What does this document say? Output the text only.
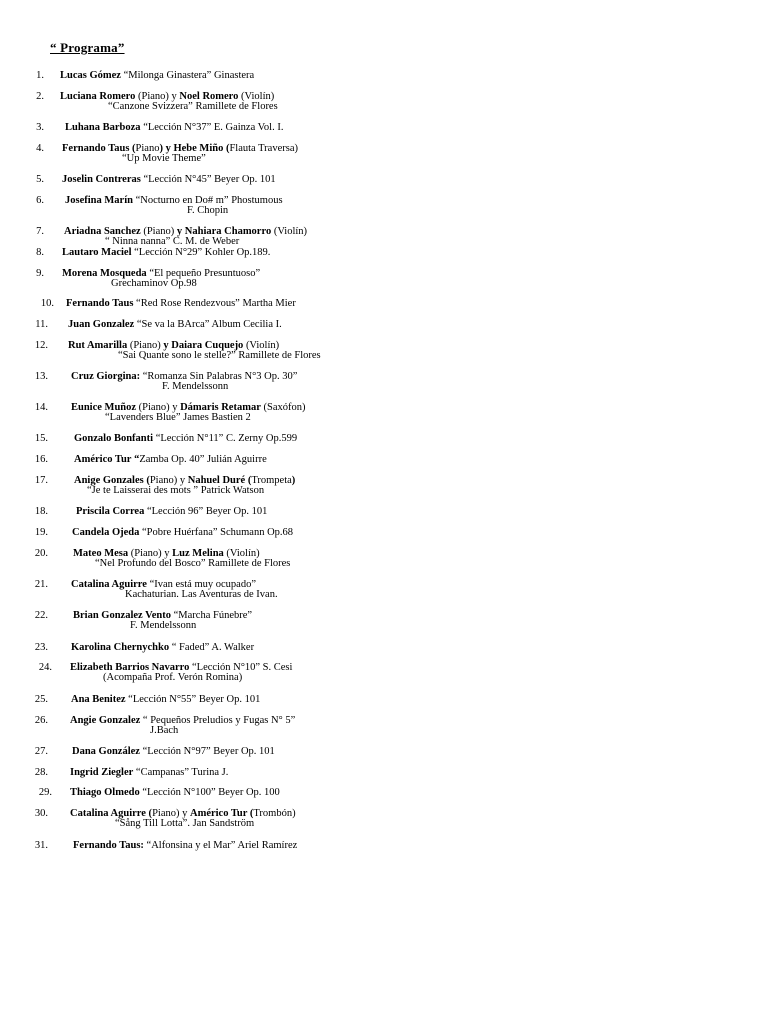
“ Programa”
1. Lucas Gómez “Milonga Ginastera” Ginastera
2. Luciana Romero (Piano) y Noel Romero (Violín)
“Canzone Svizzera” Ramillete de Flores
3. Luhana Barboza “Lección N°37” E. Gainza Vol. I.
4. Fernando Taus (Piano) y Hebe Miño (Flauta Traversa)
“Up Movie Theme”
5. Joselin Contreras “Lección N°45” Beyer Op. 101
6. Josefina Marín “Nocturno en Do# m” Phostumous
F. Chopin
7. Ariadna Sanchez (Piano) y Nahiara Chamorro (Violín)
“ Ninna nanna” C. M. de Weber
8. Lautaro Maciel “Lección N°29” Kohler Op.189.
9. Morena Mosqueda “El pequeño Presuntuoso”
Grechaminov Op.98
10. Fernando Taus “Red Rose Rendezvous” Martha Mier
11. Juan Gonzalez “Se va la BArca” Album Cecilia I.
12. Rut Amarilla (Piano) y Daiara Cuquejo (Violín)
“Sai Quante sono le stelle?” Ramillete de Flores
13. Cruz Giorgina: “Romanza Sin Palabras N°3 Op. 30”
F. Mendelssonn
14. Eunice Muñoz (Piano) y Dámaris Retamar (Saxófon)
“Lavenders Blue” James Bastien 2
15. Gonzalo Bonfanti “Lección N°11” C. Zerny Op.599
16. Américo Tur “Zamba Op. 40” Julián Aguirre
17. Anige Gonzales (Piano) y Nahuel Duré (Trompeta)
“Je te Laisserai des mots ” Patrick Watson
18.	Priscila Correa “Lección 96” Beyer Op. 101
19. Candela Ojeda “Pobre Huérfana” Schumann Op.68
20. Mateo Mesa (Piano) y Luz Melina (Violín)
“Nel Profundo del Bosco” Ramillete de Flores
21. Catalina Aguirre “Ivan está muy ocupado”
Kachaturian. Las Aventuras de Ivan.
22. Brian Gonzalez Vento “Marcha Fúnebre”
F. Mendelssonn
23. Karolina Chernychko “ Faded” A. Walker
24. Elizabeth Barrios Navarro “Lección N°10” S. Cesi
(Acompaña Prof. Verón Romina)
25. Ana Benitez “Lección N°55” Beyer Op. 101
26. Angie Gonzalez “ Pequeños Preludios y Fugas N° 5”
J.Bach
27. Dana González “Lección N°97” Beyer Op. 101
28. Ingrid Ziegler “Campanas” Turina J.
29. Thiago Olmedo “Lección N°100” Beyer Op. 100
30. Catalina Aguirre (Piano) y Américo Tur (Trombón)
“Sång Till Lotta”. Jan Sandström
31. Fernando Taus: “Alfonsina y el Mar” Ariel Ramírez
